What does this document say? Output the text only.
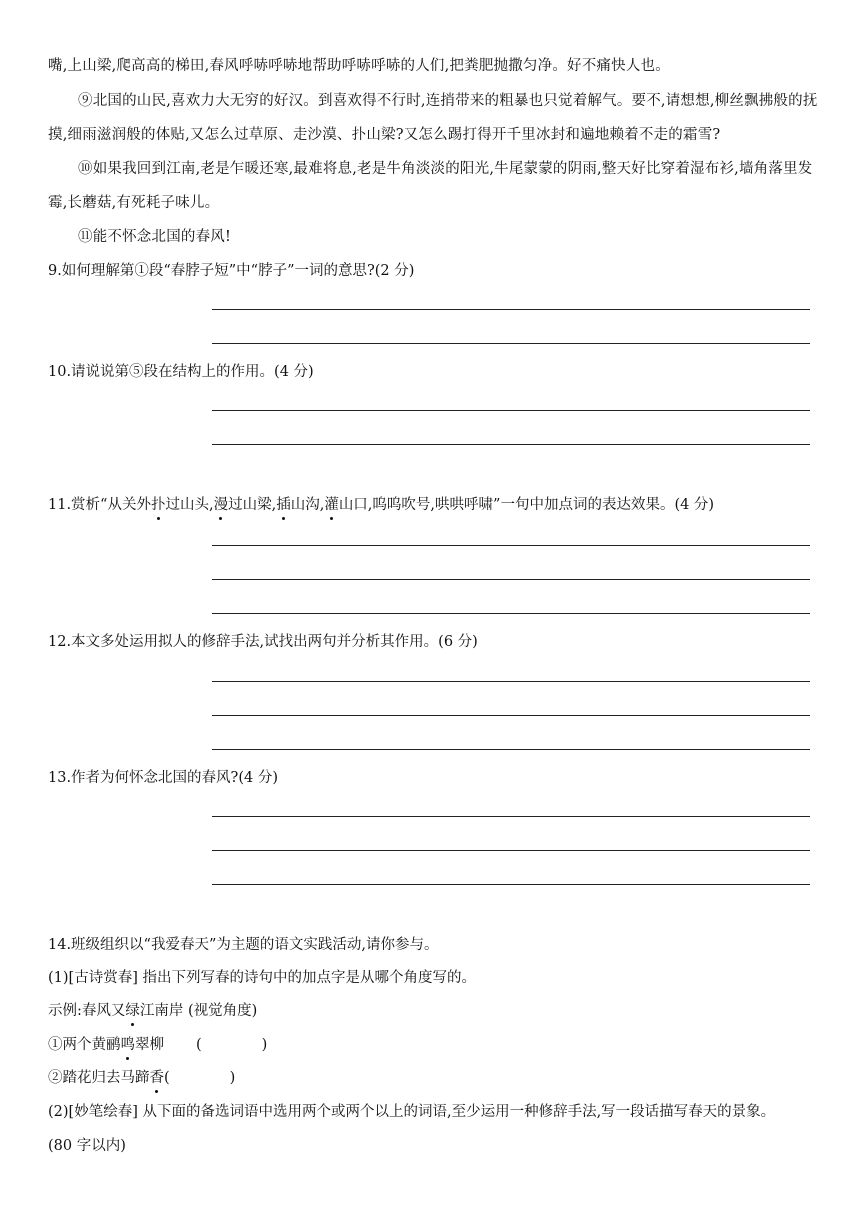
嘴,上山梁,爬高高的梯田,春风呼哧呼哧地帮助呼哧呼哧的人们,把粪肥抛撒匀净。好不痛快人也。

⑨北国的山民,喜欢力大无穷的好汉。到喜欢得不行时,连捎带来的粗暴也只觉着解气。要不,请想想,柳丝飘拂般的抚摸,细雨滋润般的体贴,又怎么过草原、走沙漠、扑山梁?又怎么踢打得开千里冰封和遍地赖着不走的霜雪?

⑩如果我回到江南,老是乍暖还寒,最难将息,老是牛角淡淡的阳光,牛尾蒙蒙的阴雨,整天好比穿着湿布衫,墙角落里发霉,长蘑菇,有死耗子味儿。

⑪能不怀念北国的春风!

9.如何理解第①段“春脖子短”中“脖子”一词的意思?(2 分)

10.请说说第⑤段在结构上的作用。(4 分)

11.赏析“从关外扑过山头,漫过山梁,插山沟,灌山口,呜呜吹号,哄哄呼啸”一句中加点词的表达效果。(4 分)

12.本文多处运用拟人的修辞手法,试找出两句并分析其作用。(6 分)

13.作者为何怀念北国的春风?(4 分)

14.班级组织以“我爱春天”为主题的语文实践活动,请你参与。

(1)[古诗赏春] 指出下列写春的诗句中的加点字是从哪个角度写的。

示例:春风又绿江南岸 (视觉角度)

①两个黄鹂鸣翠柳 (	)

②踏花归去马蹄香(	)

(2)[妙笔绘春] 从下面的备选词语中选用两个或两个以上的词语,至少运用一种修辞手法,写一段话描写春天的景象。

(80 字以内)
